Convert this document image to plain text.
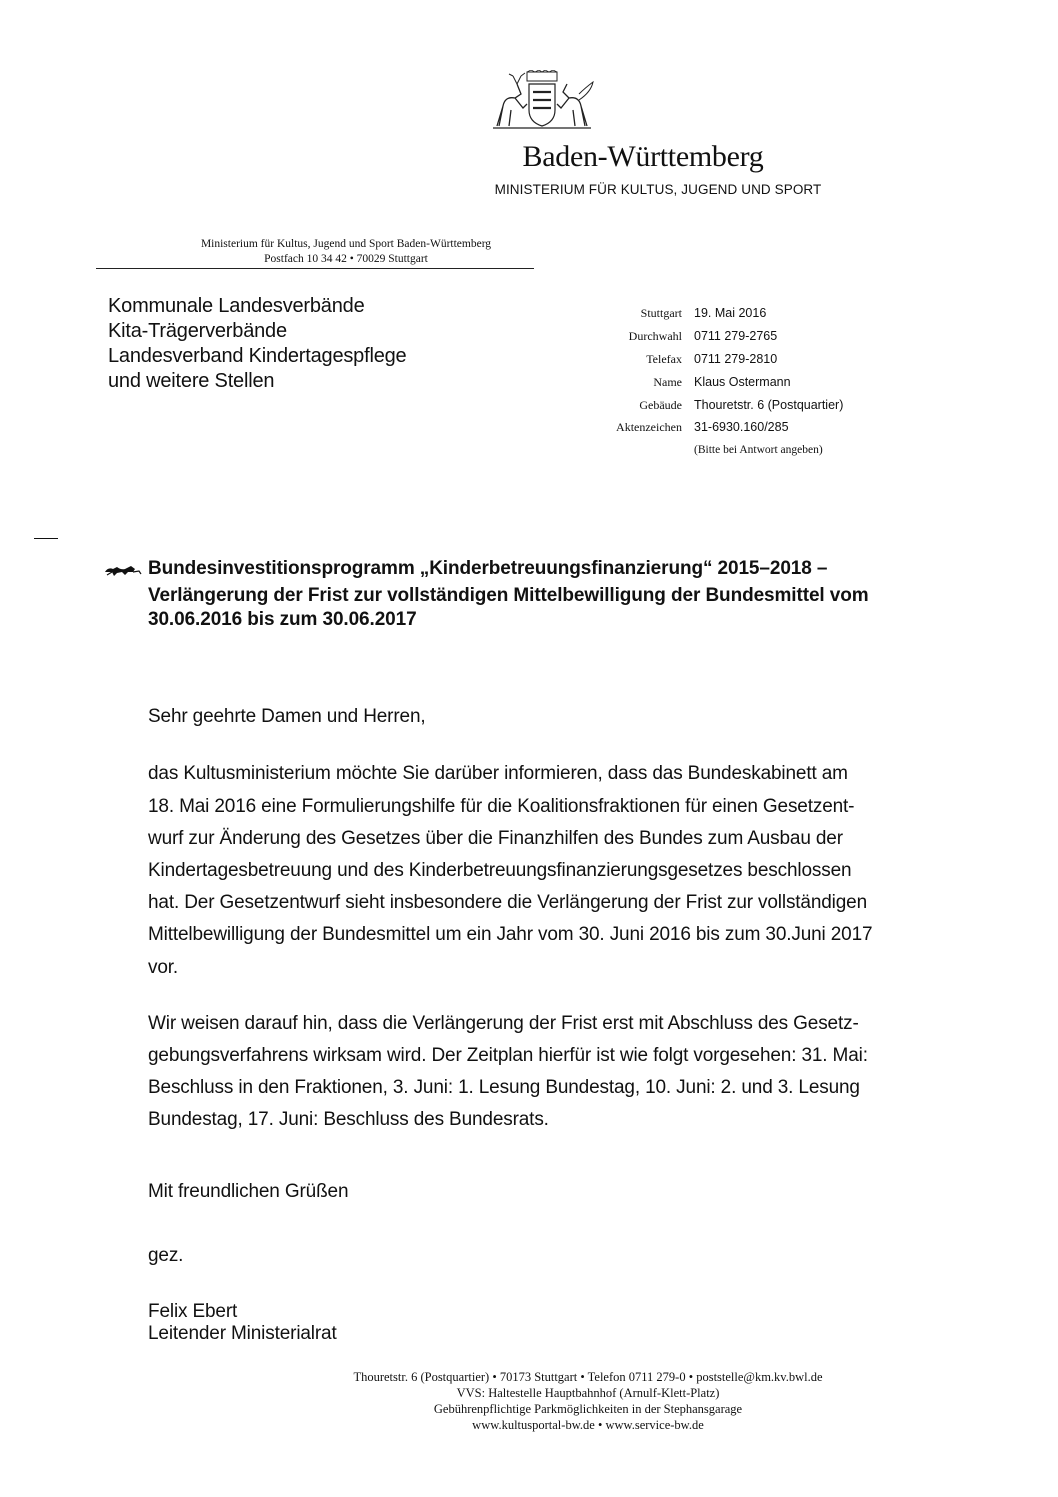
Baden-Württemberg
MINISTERIUM FÜR KULTUS, JUGEND UND SPORT
Ministerium für Kultus, Jugend und Sport Baden-Württemberg
Postfach 10 34 42 • 70029 Stuttgart
Kommunale Landesverbände
Kita-Trägerverbände
Landesverband Kindertagespflege
und weitere Stellen
Stuttgart 19. Mai 2016
Durchwahl 0711 279-2765
Telefax 0711 279-2810
Name Klaus Ostermann
Gebäude Thouretstr. 6 (Postquartier)
Aktenzeichen 31-6930.160/285
(Bitte bei Antwort angeben)
Bundesinvestitionsprogramm „Kinderbetreuungsfinanzierung“ 2015–2018 –
Verlängerung der Frist zur vollständigen Mittelbewilligung der Bundesmittel vom
30.06.2016 bis zum 30.06.2017
Sehr geehrte Damen und Herren,
das Kultusministerium möchte Sie darüber informieren, dass das Bundeskabinett am
18. Mai 2016 eine Formulierungshilfe für die Koalitionsfraktionen für einen Gesetzent-
wurf zur Änderung des Gesetzes über die Finanzhilfen des Bundes zum Ausbau der
Kindertagesbetreuung und des Kinderbetreuungsfinanzierungsgesetzes beschlossen
hat. Der Gesetzentwurf sieht insbesondere die Verlängerung der Frist zur vollständigen
Mittelbewilligung der Bundesmittel um ein Jahr vom 30. Juni 2016 bis zum 30.Juni 2017
vor.
Wir weisen darauf hin, dass die Verlängerung der Frist erst mit Abschluss des Gesetz-
gebungsverfahrens wirksam wird. Der Zeitplan hierfür ist wie folgt vorgesehen: 31. Mai:
Beschluss in den Fraktionen, 3. Juni: 1. Lesung Bundestag, 10. Juni: 2. und 3. Lesung
Bundestag, 17. Juni: Beschluss des Bundesrats.
Mit freundlichen Grüßen
gez.
Felix Ebert
Leitender Ministerialrat
Thouretstr. 6 (Postquartier) • 70173 Stuttgart • Telefon 0711 279-0 • poststelle@km.kv.bwl.de
VVS: Haltestelle Hauptbahnhof (Arnulf-Klett-Platz)
Gebührenpflichtige Parkmöglichkeiten in der Stephansgarage
www.kultusportal-bw.de • www.service-bw.de
